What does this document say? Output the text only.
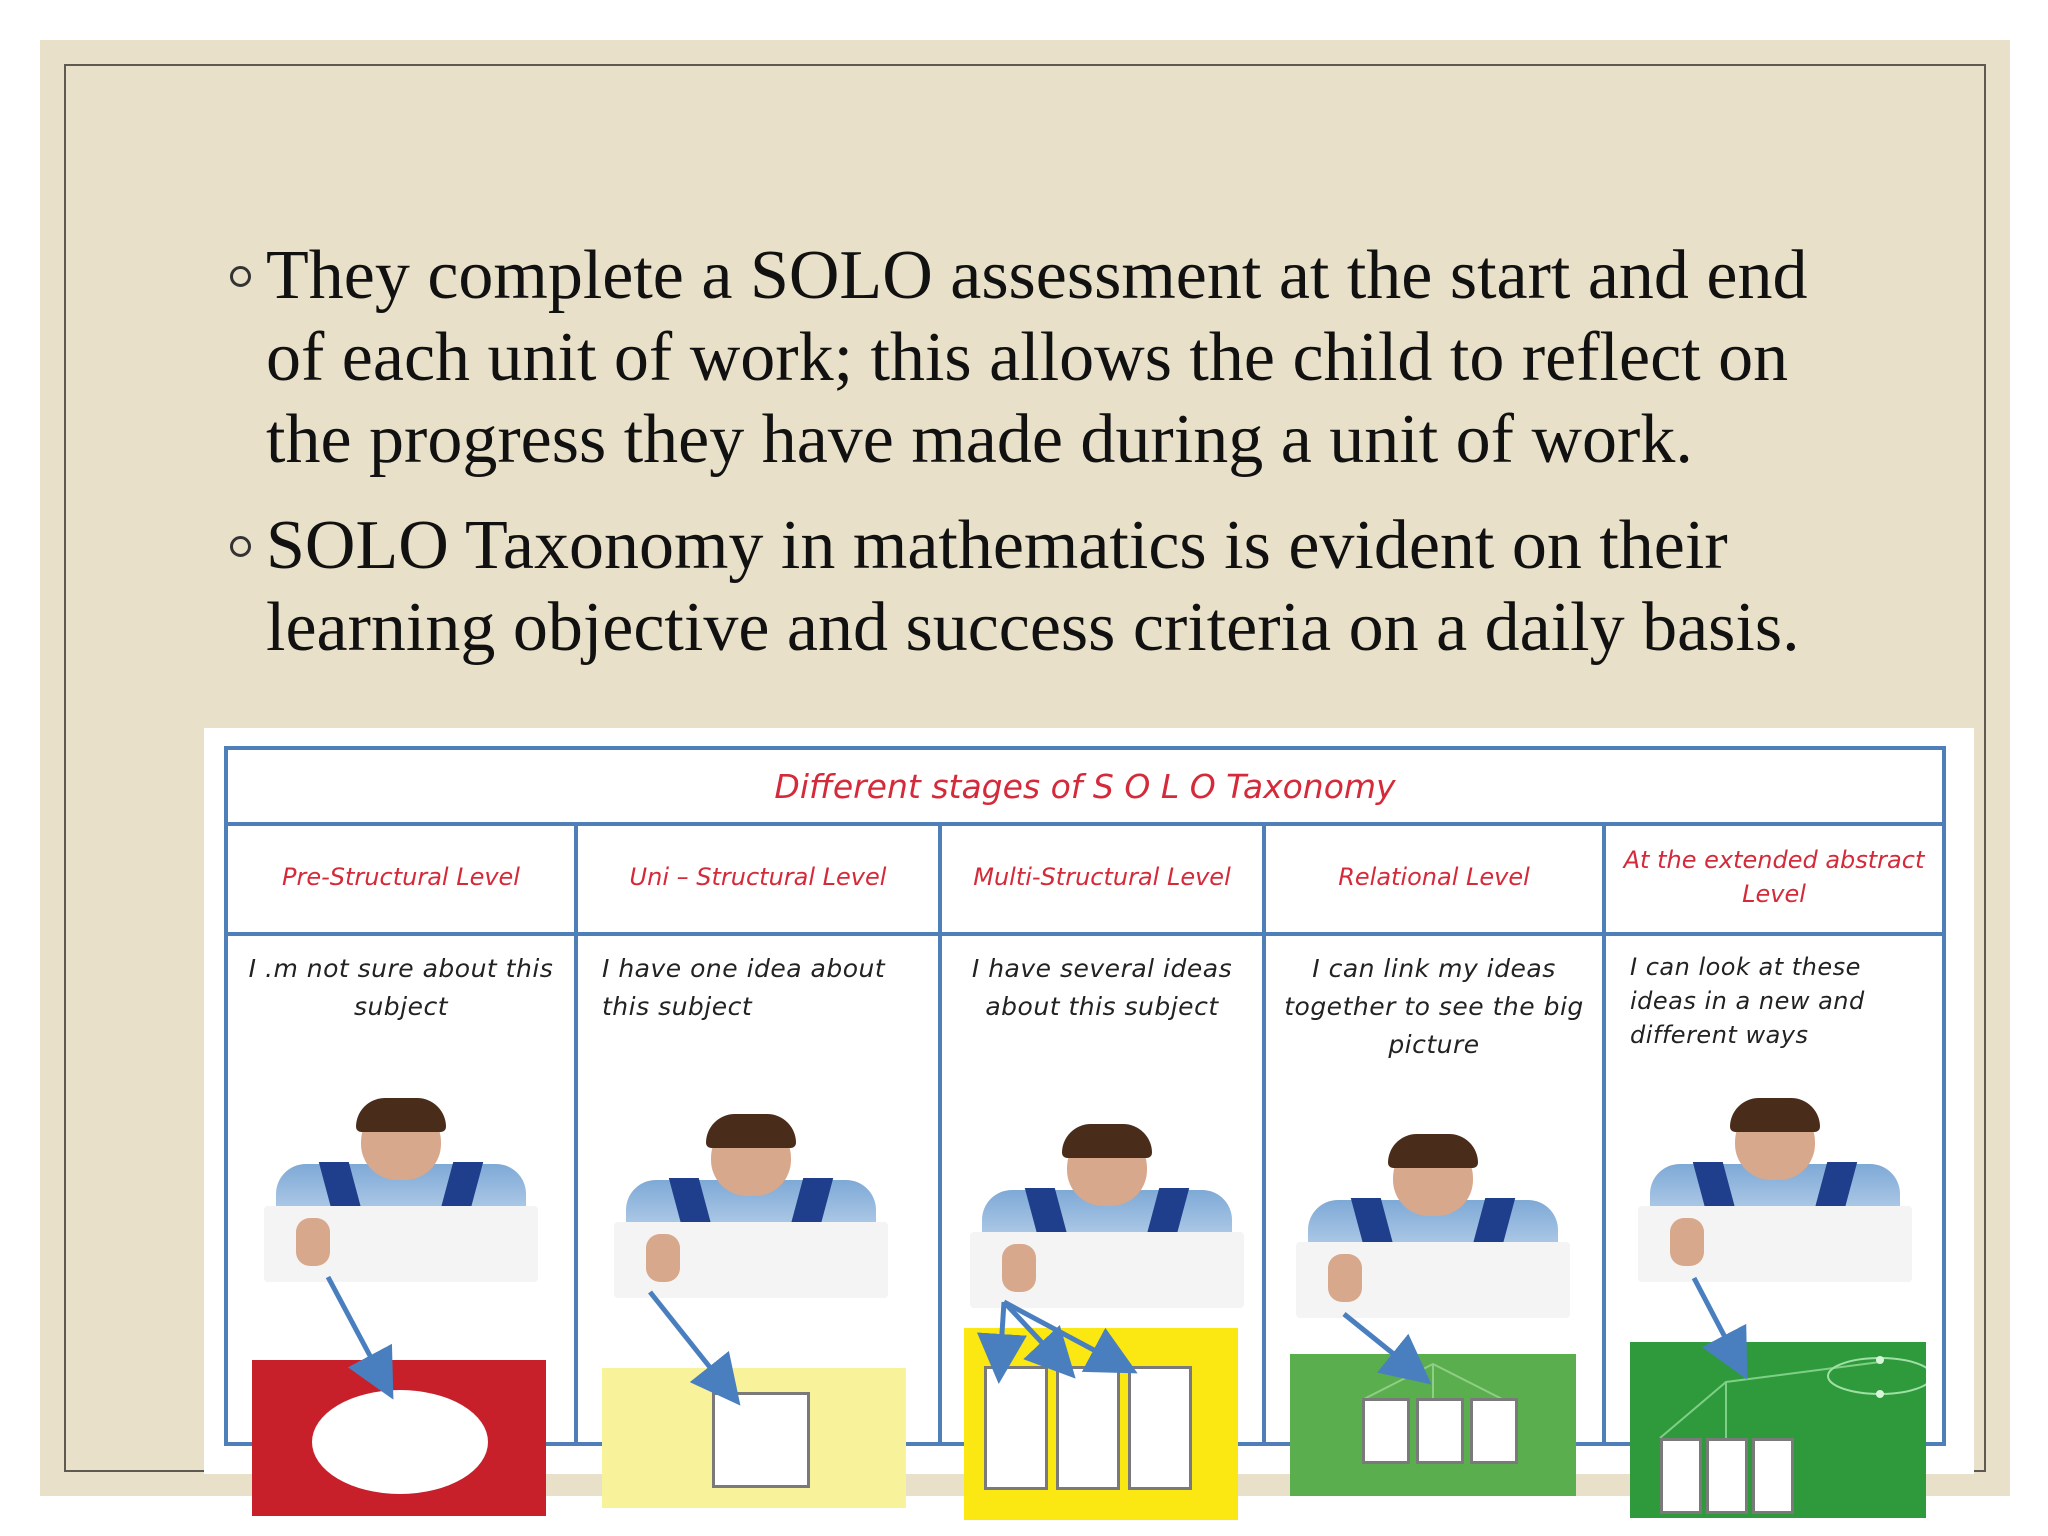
They complete a SOLO assessment at the start and end of each unit of work; this allows the child to reflect on the progress they have made during a unit of work.
SOLO Taxonomy in mathematics is evident on their learning objective and success criteria on a daily basis.
Different stages of S O L O Taxonomy
Pre-Structural Level
I .m not sure about this subject
Uni – Structural Level
I have one idea about this subject
Multi-Structural Level
I have several ideas about this subject
Relational Level
I can link my ideas together to see the big picture
At the extended abstract Level
I can look at these ideas in a new and different ways
